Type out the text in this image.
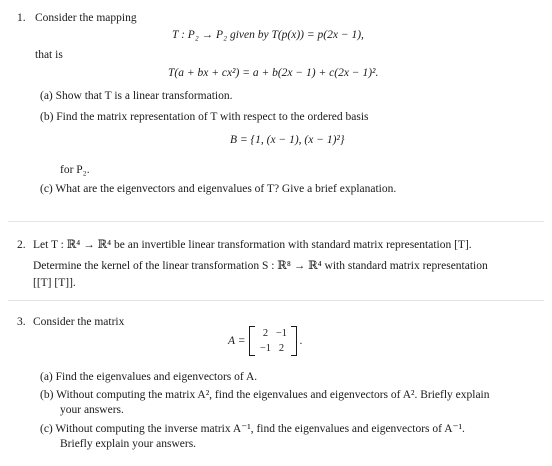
1. Consider the mapping
T : P₂ → P₂ given by T(p(x)) = p(2x − 1),
that is
T(a + bx + cx²) = a + b(2x − 1) + c(2x − 1)².
(a) Show that T is a linear transformation.
(b) Find the matrix representation of T with respect to the ordered basis
B = {1, (x − 1), (x − 1)²}
for P₂.
(c) What are the eigenvectors and eigenvalues of T? Give a brief explanation.
2. Let T : ℝ⁴ → ℝ⁴ be an invertible linear transformation with standard matrix representation [T].
Determine the kernel of the linear transformation S : ℝ⁸ → ℝ⁴ with standard matrix representation
[[T] [T]].
3. Consider the matrix
A =
2 −1
−1 2
.
(a) Find the eigenvalues and eigenvectors of A.
(b) Without computing the matrix A², find the eigenvalues and eigenvectors of A². Briefly explain
your answers.
(c) Without computing the inverse matrix A⁻¹, find the eigenvalues and eigenvectors of A⁻¹.
Briefly explain your answers.
